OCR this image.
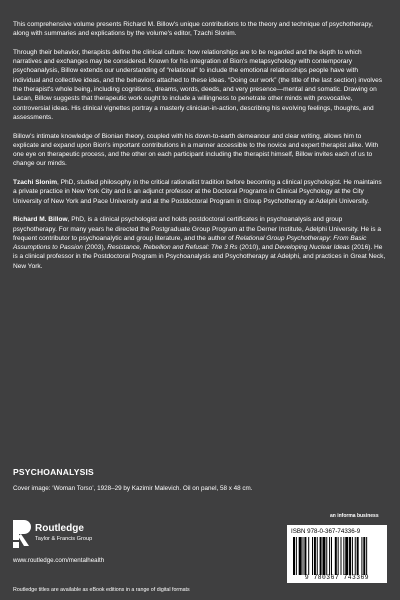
This comprehensive volume presents Richard M. Billow's unique contributions to the theory and technique of psychotherapy, along with summaries and explications by the volume's editor, Tzachi Slonim.

Through their behavior, therapists define the clinical culture: how relationships are to be regarded and the depth to which narratives and exchanges may be considered. Known for his integration of Bion's metapsychology with contemporary psychoanalysis, Billow extends our understanding of “relational” to include the emotional relationships people have with individual and collective ideas, and the behaviors attached to these ideas. “Doing our work” (the title of the last section) involves the therapist's whole being, including cognitions, dreams, words, deeds, and very presence—mental and somatic. Drawing on Lacan, Billow suggests that therapeutic work ought to include a willingness to penetrate other minds with provocative, controversial ideas. His clinical vignettes portray a masterly clinician-in-action, describing his evolving feelings, thoughts, and assessments.

Billow's intimate knowledge of Bionian theory, coupled with his down-to-earth demeanour and clear writing, allows him to explicate and expand upon Bion's important contributions in a manner accessible to the novice and expert therapist alike. With one eye on therapeutic process, and the other on each participant including the therapist himself, Billow invites each of us to change our minds.

Tzachi Slonim, PhD, studied philosophy in the critical rationalist tradition before becoming a clinical psychologist. He maintains a private practice in New York City and is an adjunct professor at the Doctoral Programs in Clinical Psychology at the City University of New York and Pace University and at the Postdoctoral Program in Group Psychotherapy at Adelphi University.

Richard M. Billow, PhD, is a clinical psychologist and holds postdoctoral certificates in psychoanalysis and group psychotherapy. For many years he directed the Postgraduate Group Program at the Derner Institute, Adelphi University. He is a frequent contributor to psychoanalytic and group literature, and the author of Relational Group Psychotherapy: From Basic Assumptions to Passion (2003), Resistance, Rebellion and Refusal: The 3 Rs (2010), and Developing Nuclear Ideas (2016). He is a clinical professor in the Postdoctoral Program in Psychoanalysis and Psychotherapy at Adelphi, and practices in Great Neck, New York.

PSYCHOANALYSIS
Cover image: ‘Woman Torso’, 1928–29 by Kazimir Malevich. Oil on panel, 58 x 48 cm.
Routledge
Taylor & Francis Group
www.routledge.com/mentalhealth
an informa business
ISBN 978-0-367-74336-9
9 780367 743369
Routledge titles are available as eBook editions in a range of digital formats
